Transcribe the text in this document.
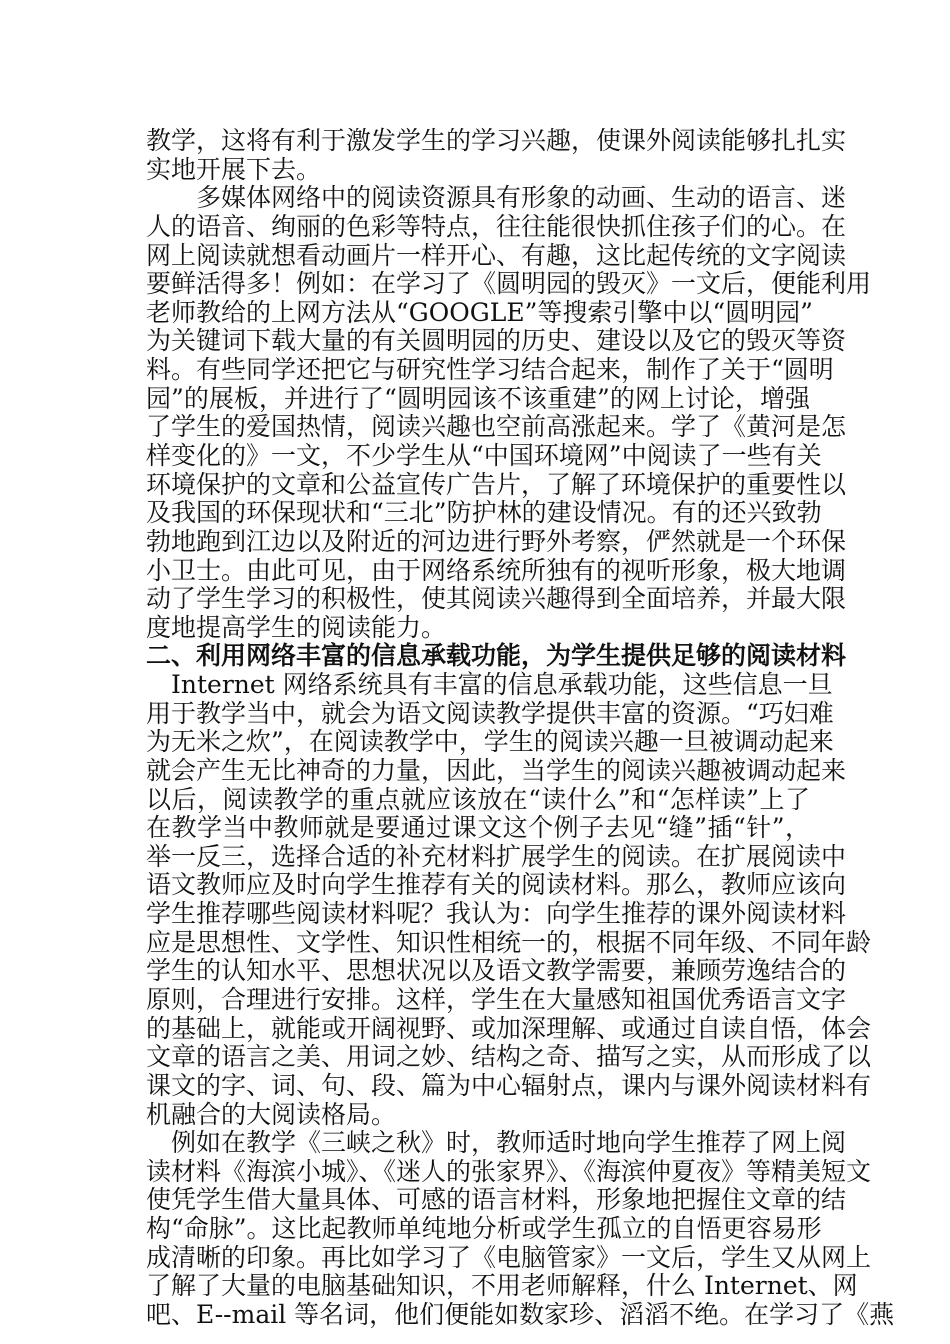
教学，这将有利于激发学生的学习兴趣，使课外阅读能够扎扎实
实地开展下去。
　　多媒体网络中的阅读资源具有形象的动画、生动的语言、迷
人的语音、绚丽的色彩等特点，往往能很快抓住孩子们的心。在
网上阅读就想看动画片一样开心、有趣，这比起传统的文字阅读
要鲜活得多！例如：在学习了《圆明园的毁灭》一文后，便能利用
老师教给的上网方法从“GOOGLE”等搜索引擎中以“圆明园”
为关键词下载大量的有关圆明园的历史、建设以及它的毁灭等资
料。有些同学还把它与研究性学习结合起来，制作了关于“圆明
园”的展板，并进行了“圆明园该不该重建”的网上讨论，增强
了学生的爱国热情，阅读兴趣也空前高涨起来。学了《黄河是怎
样变化的》一文，不少学生从“中国环境网”中阅读了一些有关
环境保护的文章和公益宣传广告片，了解了环境保护的重要性以
及我国的环保现状和“三北”防护林的建设情况。有的还兴致勃
勃地跑到江边以及附近的河边进行野外考察，俨然就是一个环保
小卫士。由此可见，由于网络系统所独有的视听形象，极大地调
动了学生学习的积极性，使其阅读兴趣得到全面培养，并最大限
度地提高学生的阅读能力。
二、利用网络丰富的信息承载功能，为学生提供足够的阅读材料
　Internet 网络系统具有丰富的信息承载功能，这些信息一旦
用于教学当中，就会为语文阅读教学提供丰富的资源。“巧妇难
为无米之炊”，在阅读教学中，学生的阅读兴趣一旦被调动起来
就会产生无比神奇的力量，因此，当学生的阅读兴趣被调动起来
以后，阅读教学的重点就应该放在“读什么”和“怎样读”上了
在教学当中教师就是要通过课文这个例子去见“缝”插“针”，
举一反三，选择合适的补充材料扩展学生的阅读。在扩展阅读中
语文教师应及时向学生推荐有关的阅读材料。那么，教师应该向
学生推荐哪些阅读材料呢？我认为：向学生推荐的课外阅读材料
应是思想性、文学性、知识性相统一的，根据不同年级、不同年龄
学生的认知水平、思想状况以及语文教学需要，兼顾劳逸结合的
原则，合理进行安排。这样，学生在大量感知祖国优秀语言文字
的基础上，就能或开阔视野、或加深理解、或通过自读自悟，体会
文章的语言之美、用词之妙、结构之奇、描写之实，从而形成了以
课文的字、词、句、段、篇为中心辐射点，课内与课外阅读材料有
机融合的大阅读格局。
　例如在教学《三峡之秋》时，教师适时地向学生推荐了网上阅
读材料《海滨小城》、《迷人的张家界》、《海滨仲夏夜》等精美短文
使凭学生借大量具体、可感的语言材料，形象地把握住文章的结
构“命脉”。这比起教师单纯地分析或学生孤立的自悟更容易形
成清晰的印象。再比如学习了《电脑管家》一文后，学生又从网上
了解了大量的电脑基础知识，不用老师解释，什么 Internet、网
吧、E--mail 等名词，他们便能如数家珍、滔滔不绝。在学习了《燕
